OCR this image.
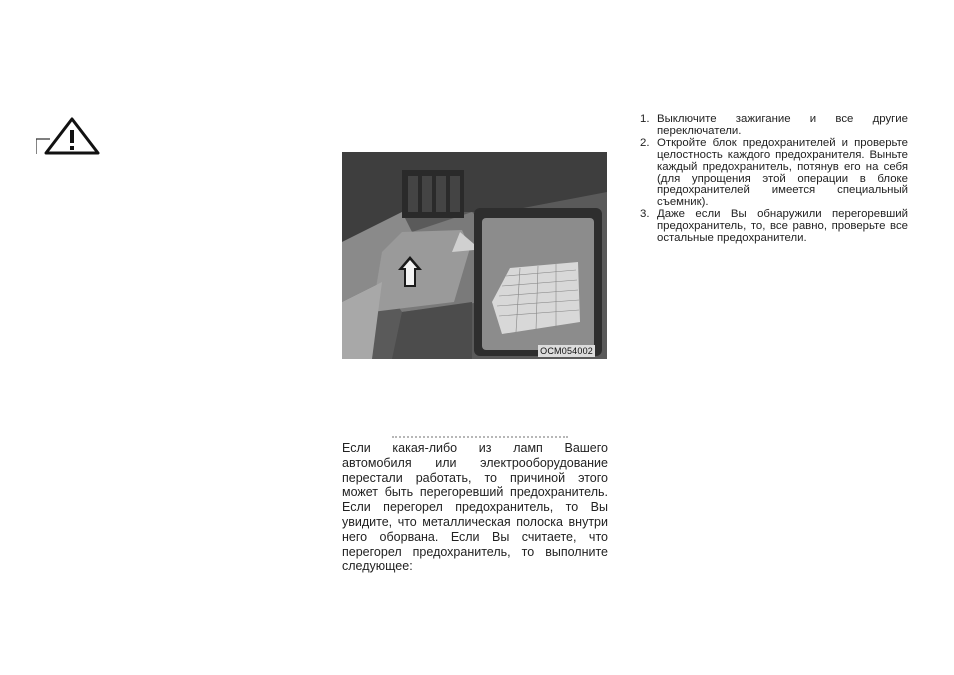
OCM054002

Если какая-либо из ламп Вашего автомобиля или электрооборудование перестали работать, то причиной этого может быть перегоревший предохранитель. Если перегорел предохранитель, то Вы увидите, что металлическая полоска внутри него оборвана. Если Вы считаете, что перегорел предохранитель, то выполните следующее:

1. Выключите зажигание и все другие переключатели.
2. Откройте блок предохранителей и проверьте целостность каждого предохранителя. Выньте каждый предохранитель, потянув его на себя (для упрощения этой операции в блоке предохранителей имеется специальный съемник).
3. Даже если Вы обнаружили перегоревший предохранитель, то, все равно, проверьте все остальные предохранители.
